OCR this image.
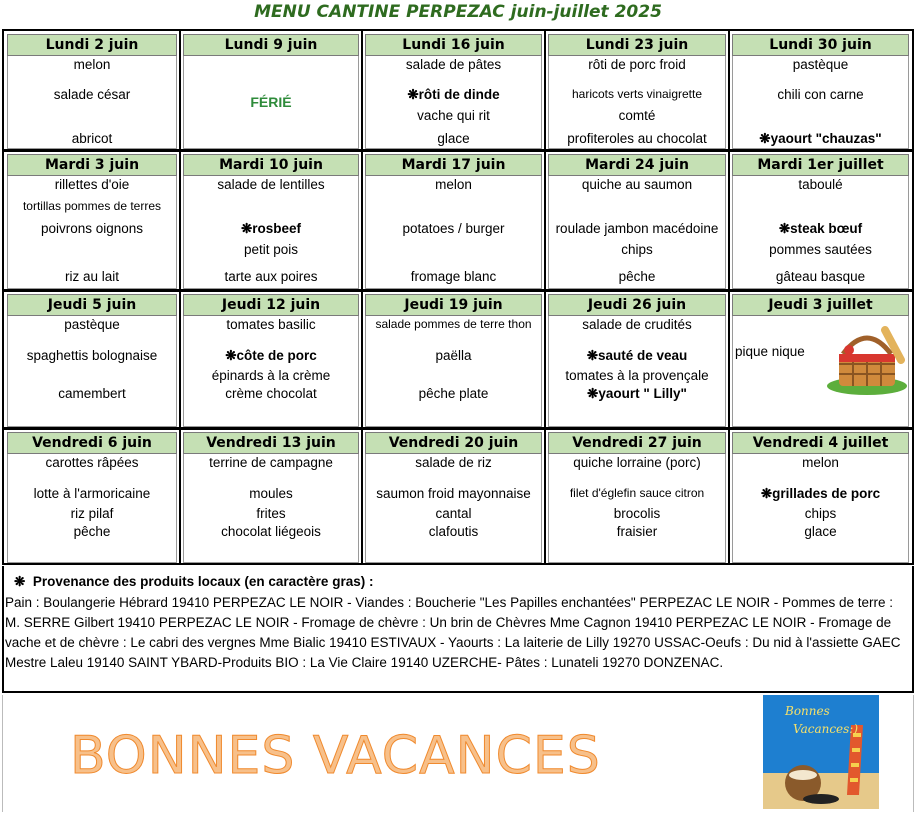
MENU CANTINE PERPEZAC juin-juillet 2025
Lundi 2 juin
melon
salade césar
abricot
Lundi 9 juin
FÉRIÉ
Lundi 16 juin
salade de pâtes
❋rôti de dinde
vache qui rit
glace
Lundi 23 juin
rôti de porc froid
haricots verts vinaigrette
comté
profiteroles au chocolat
Lundi 30 juin
pastèque
chili con carne
❋yaourt "chauzas"
Mardi 3 juin
rillettes d'oie
tortillas pommes de terres
poivrons oignons
riz au lait
Mardi 10 juin
salade de lentilles
❋rosbeef
petit pois
tarte aux poires
Mardi 17 juin
melon
potatoes / burger
fromage blanc
Mardi 24 juin
quiche au saumon
roulade jambon macédoine
chips
pêche
Mardi 1er juillet
taboulé
❋steak bœuf
pommes sautées
gâteau basque
Jeudi 5 juin
pastèque
spaghettis bolognaise
camembert
Jeudi 12 juin
tomates basilic
❋côte de porc
épinards à la crème
crème chocolat
Jeudi 19 juin
salade pommes de terre thon
paëlla
pêche plate
Jeudi 26 juin
salade de crudités
❋sauté de veau
tomates à la provençale
❋yaourt " Lilly"
Jeudi 3 juillet
pique nique
Vendredi 6 juin
carottes râpées
lotte à l'armoricaine
riz pilaf
pêche
Vendredi 13 juin
terrine de campagne
moules
frites
chocolat liégeois
Vendredi 20 juin
salade de riz
saumon froid mayonnaise
cantal
clafoutis
Vendredi 27 juin
quiche lorraine (porc)
filet d'églefin sauce citron
brocolis
fraisier
Vendredi 4 juillet
melon
❋grillades de porc
chips
glace
❋ Provenance des produits locaux (en caractère gras) :
Pain : Boulangerie Hébrard 19410 PERPEZAC LE NOIR - Viandes : Boucherie "Les Papilles enchantées" PERPEZAC LE NOIR - Pommes de terre : M. SERRE Gilbert 19410 PERPEZAC LE NOIR - Fromage de chèvre : Un brin de Chèvres Mme Cagnon 19410 PERPEZAC LE NOIR - Fromage de vache et de chèvre : Le cabri des vergnes Mme Bialic 19410 ESTIVAUX - Yaourts : La laiterie de Lilly 19270 USSAC-Oeufs : Du nid à l'assiette GAEC Mestre Laleu 19140 SAINT YBARD-Produits BIO : La Vie Claire 19140 UZERCHE- Pâtes : Lunateli 19270 DONZENAC.
BONNES VACANCES
Bonnes
Vacances:)
